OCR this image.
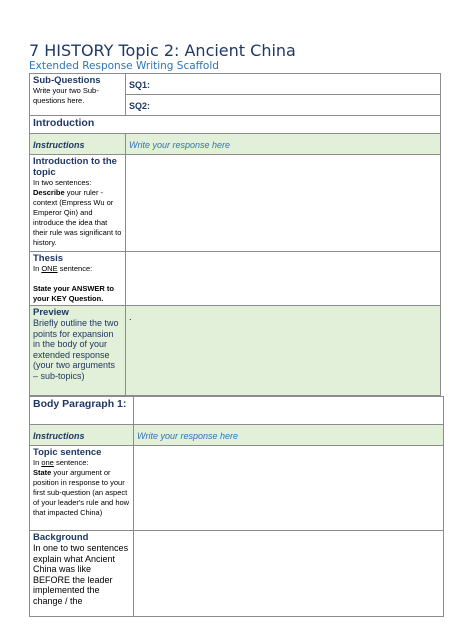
7 HISTORY Topic 2: Ancient China
Extended Response Writing Scaffold
Sub-Questions
Write your two Sub-questions here.	SQ1:
	SQ2:

Introduction	

Instructions	Write your response here

Introduction to the topic
In two sentences:
Describe your ruler - context (Empress Wu or Emperor Qin) and introduce the idea that their rule was significant to history.	

Thesis
In ONE sentence:

State your ANSWER to your KEY Question.	

Preview
Briefly outline the two points for expansion in the body of your extended response (your two arguments – sub-topics)	.
Body Paragraph 1:	

Instructions	Write your response here

Topic sentence
In one sentence:
State your argument or position in response to your first sub-question (an aspect of your leader's rule and how that impacted China)	

Background
In one to two sentences explain what Ancient China was like BEFORE the leader implemented the change / the	
